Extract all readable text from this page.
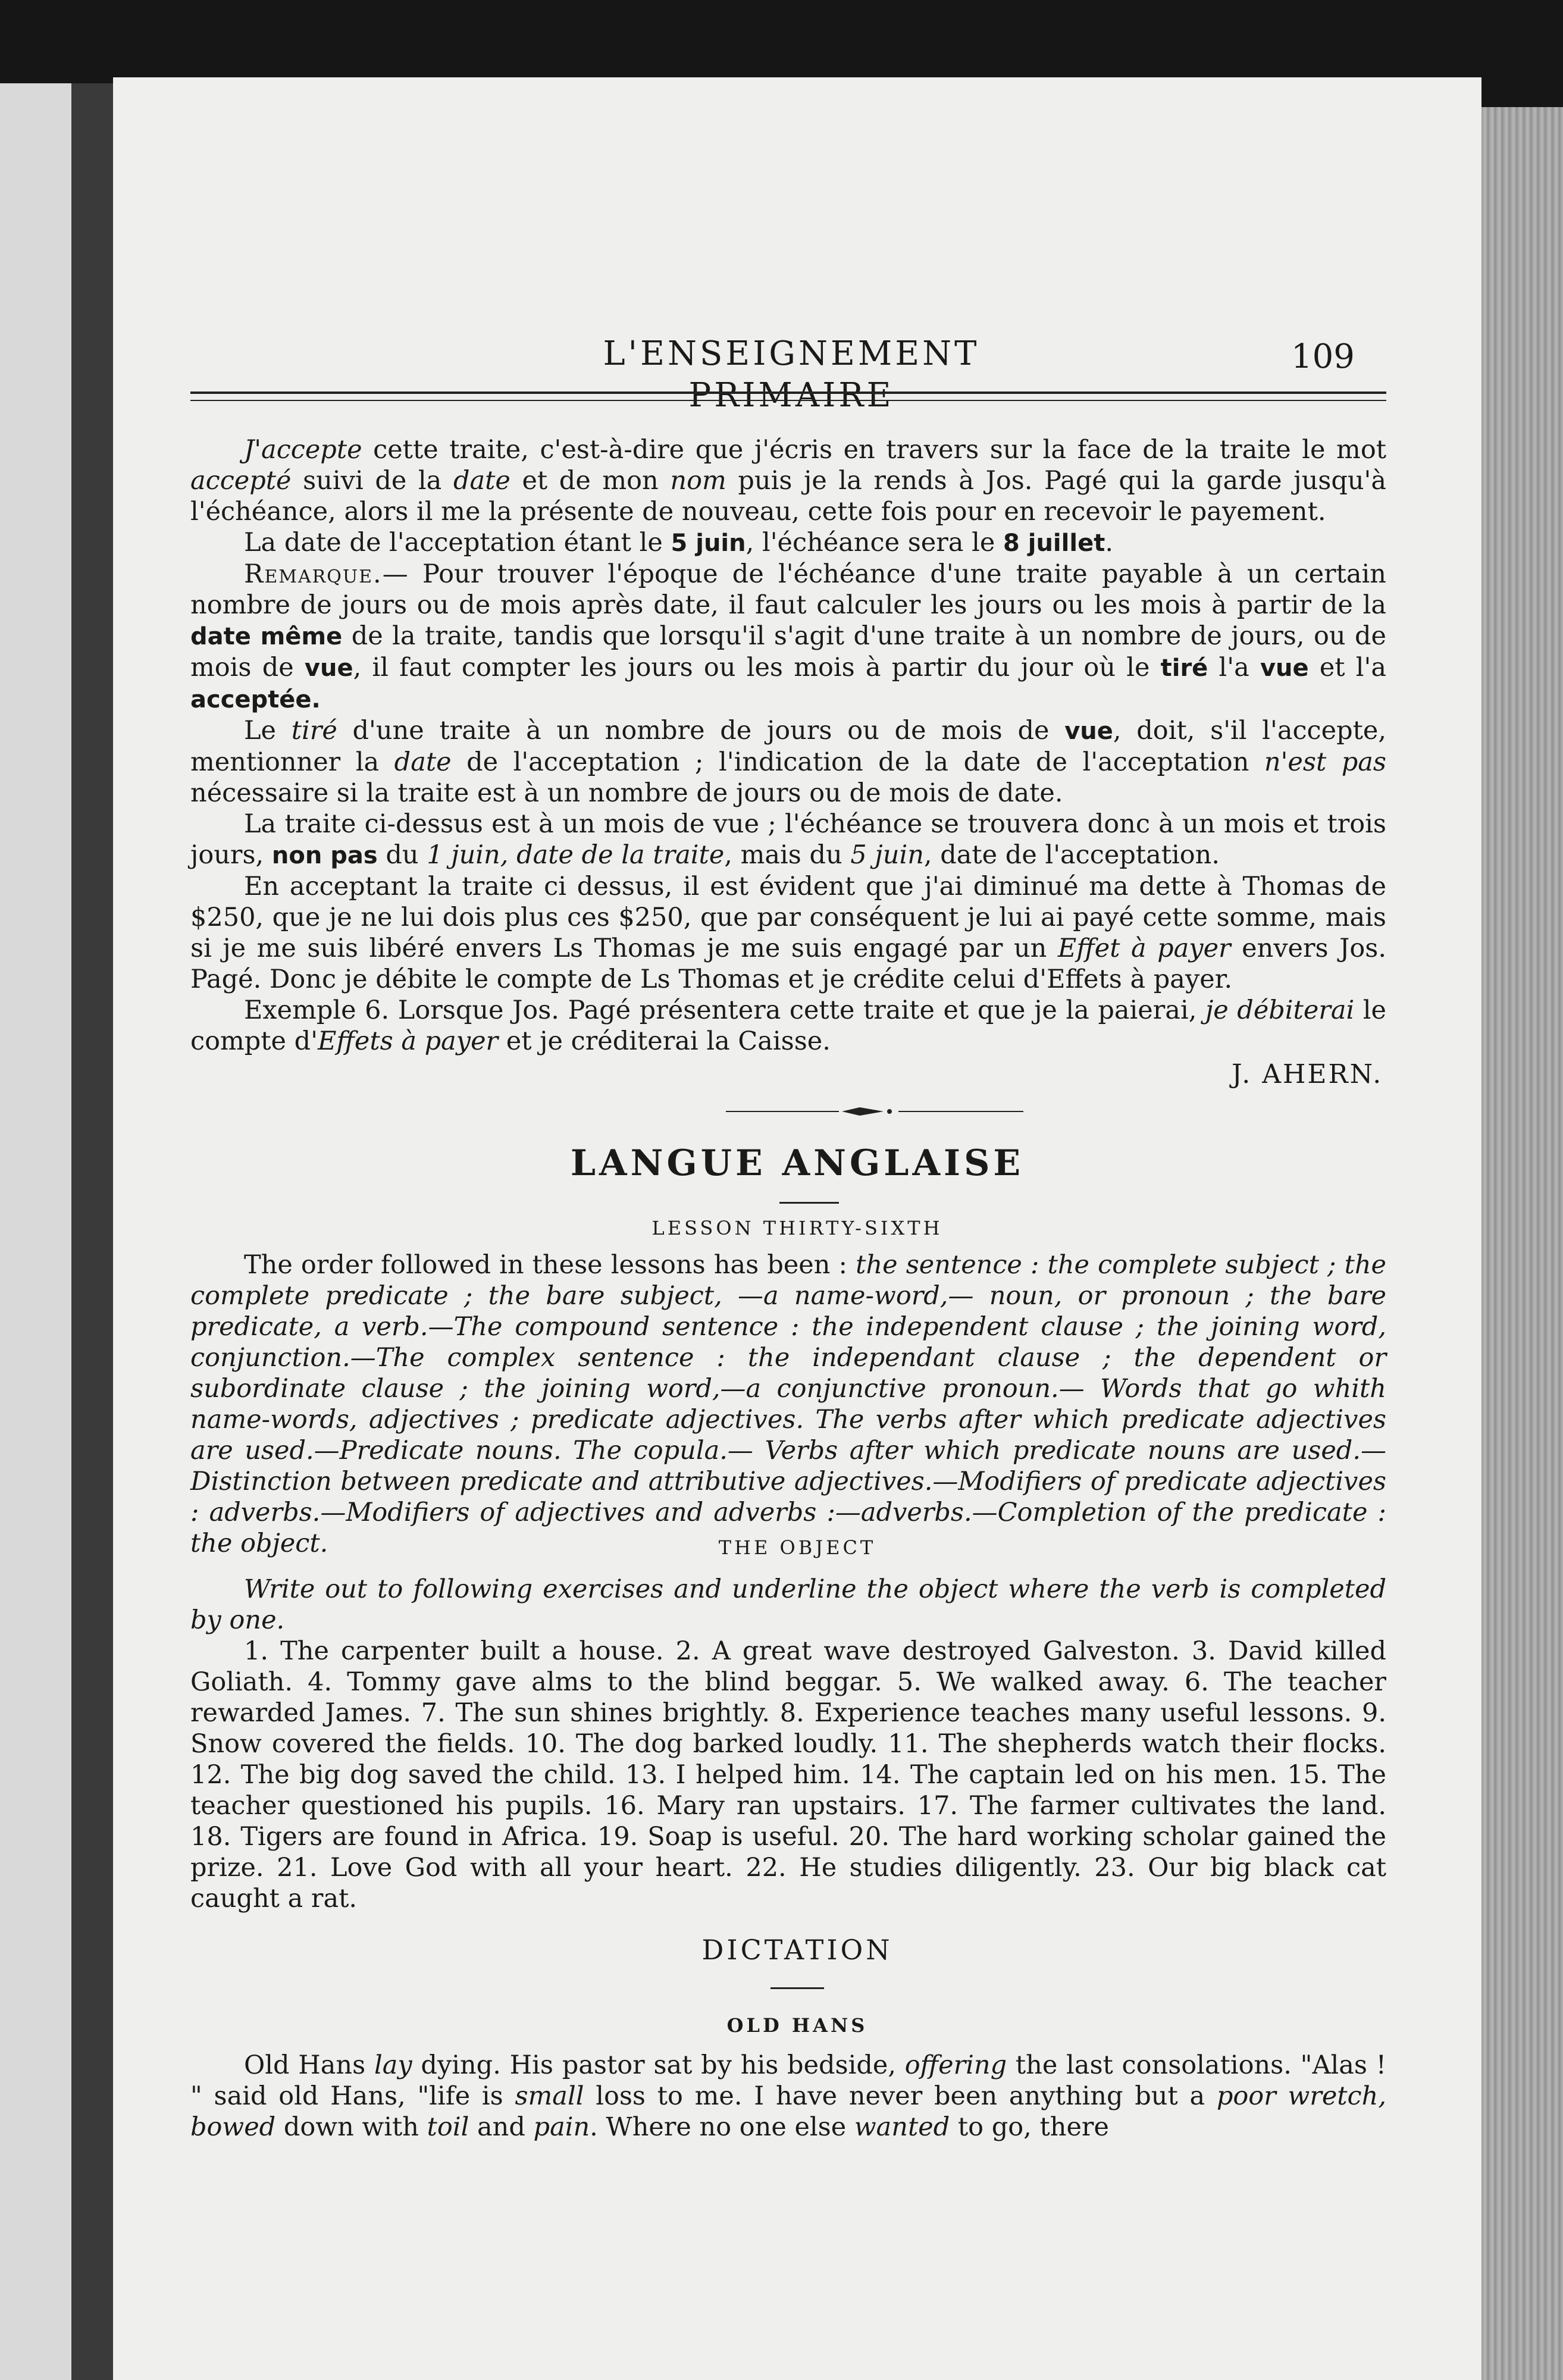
L'ENSEIGNEMENT PRIMAIRE
109

J'accepte cette traite, c'est-à-dire que j'écris en travers sur la face de la traite le mot accepté suivi de la date et de mon nom puis je la rends à Jos. Pagé qui la garde jusqu'à l'échéance, alors il me la présente de nouveau, cette fois pour en recevoir le payement.

La date de l'acceptation étant le 5 juin, l'échéance sera le 8 juillet.

Remarque.— Pour trouver l'époque de l'échéance d'une traite payable à un certain nombre de jours ou de mois après date, il faut calculer les jours ou les mois à partir de la date même de la traite, tandis que lorsqu'il s'agit d'une traite à un nombre de jours, ou de mois de vue, il faut compter les jours ou les mois à partir du jour où le tiré l'a vue et l'a acceptée.

Le tiré d'une traite à un nombre de jours ou de mois de vue, doit, s'il l'accepte, mentionner la date de l'acceptation ; l'indication de la date de l'acceptation n'est pas nécessaire si la traite est à un nombre de jours ou de mois de date.

La traite ci-dessus est à un mois de vue ; l'échéance se trouvera donc à un mois et trois jours, non pas du 1 juin, date de la traite, mais du 5 juin, date de l'acceptation.

En acceptant la traite ci dessus, il est évident que j'ai diminué ma dette à Thomas de $250, que je ne lui dois plus ces $250, que par conséquent je lui ai payé cette somme, mais si je me suis libéré envers Ls Thomas je me suis engagé par un Effet à payer envers Jos. Pagé. Donc je débite le compte de Ls Thomas et je crédite celui d'Effets à payer.

Exemple 6. Lorsque Jos. Pagé présentera cette traite et que je la paierai, je débiterai le compte d'Effets à payer et je créditerai la Caisse.

J. AHERN.
LANGUE ANGLAISE
LESSON THIRTY-SIXTH

The order followed in these lessons has been : the sentence : the complete subject ; the complete predicate ; the bare subject, —a name-word,— noun, or pronoun ; the bare predicate, a verb.—The compound sentence : the independent clause ; the joining word, conjunction.—The complex sentence : the independant clause ; the dependent or subordinate clause ; the joining word,—a conjunctive pronoun.— Words that go whith name-words, adjectives ; predicate adjectives. The verbs after which predicate adjectives are used.—Predicate nouns. The copula.— Verbs after which predicate nouns are used.—Distinction between predicate and attributive adjectives.—Modifiers of predicate adjectives : adverbs.—Modifiers of adjectives and adverbs :—adverbs.—Completion of the predicate : the object.	THE OBJECT

Write out to following exercises and underline the object where the verb is completed by one.

1. The carpenter built a house. 2. A great wave destroyed Galveston. 3. David killed Goliath. 4. Tommy gave alms to the blind beggar. 5. We walked away. 6. The teacher rewarded James. 7. The sun shines brightly. 8. Experience teaches many useful lessons. 9. Snow covered the fields. 10. The dog barked loudly. 11. The shepherds watch their flocks. 12. The big dog saved the child. 13. I helped him. 14. The captain led on his men. 15. The teacher questioned his pupils. 16. Mary ran upstairs. 17. The farmer cultivates the land. 18. Tigers are found in Africa. 19. Soap is useful. 20. The hard working scholar gained the prize. 21. Love God with all your heart. 22. He studies diligently. 23. Our big black cat caught a rat.

DICTATION
OLD HANS

Old Hans lay dying. His pastor sat by his bedside, offering the last consolations. "Alas ! " said old Hans, "life is small loss to me. I have never been anything but a poor wretch, bowed down with toil and pain. Where no one else wanted to go, there
